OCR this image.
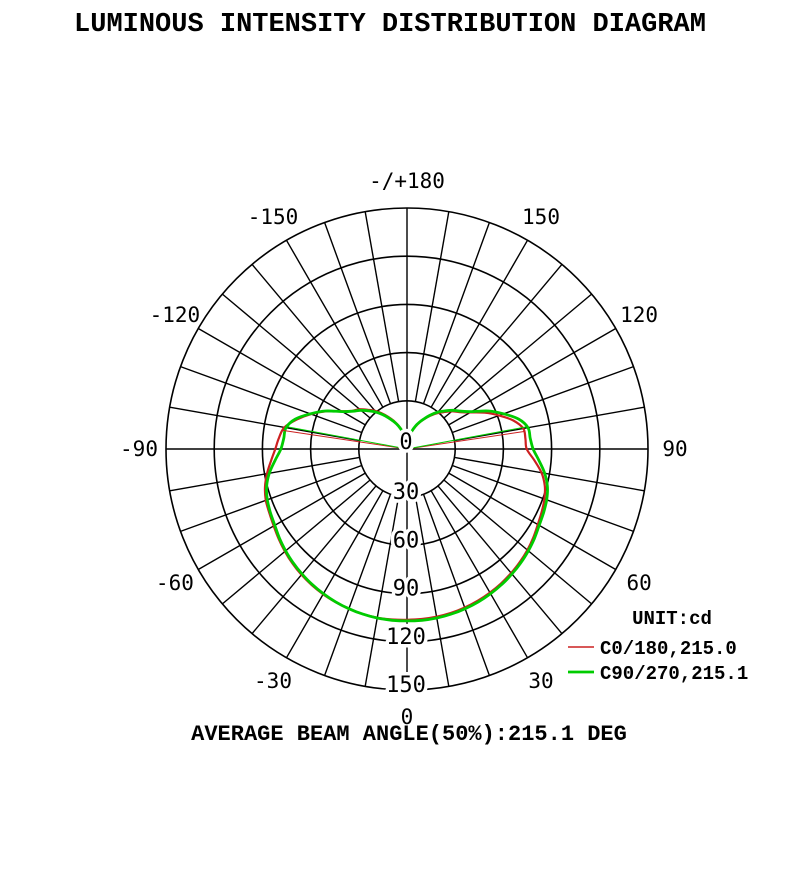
LUMINOUS INTENSITY DISTRIBUTION DIAGRAM
-/+180
-150	150
-120	120
-90	90
-60	60
-30	30
0
30
60
90
120
150
0
UNIT:cd
C0/180,215.0
C90/270,215.1
AVERAGE BEAM ANGLE(50%):215.1 DEG
